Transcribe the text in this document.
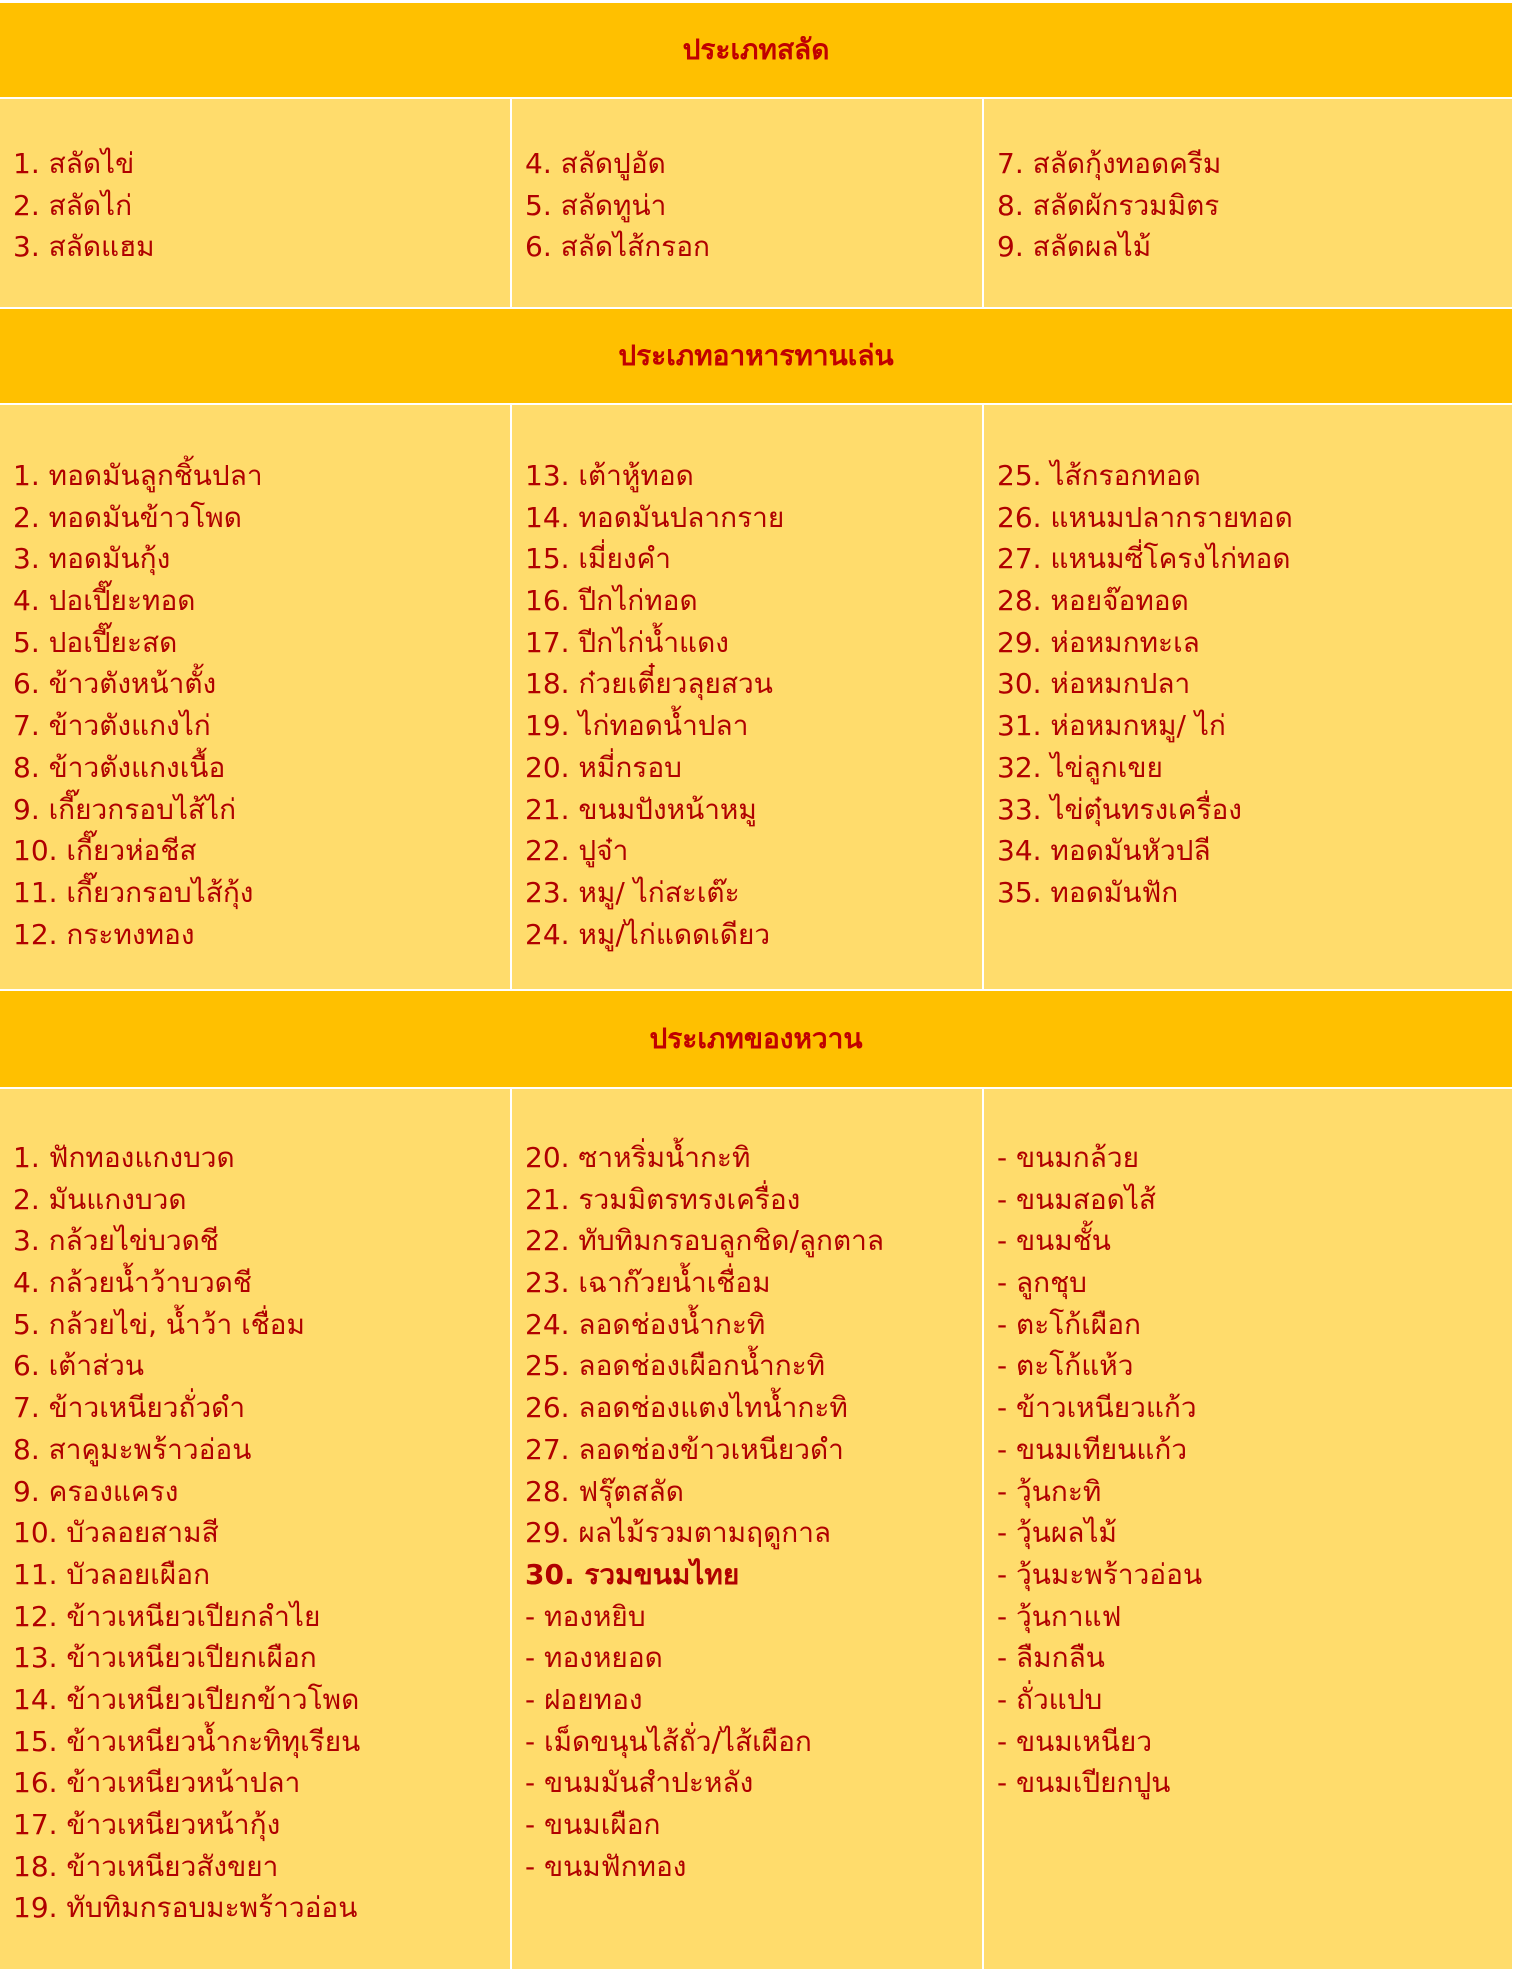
ประเภทสลัด
1. สลัดไข่
2. สลัดไก่
3. สลัดแฮม
4. สลัดปูอัด
5. สลัดทูน่า
6. สลัดไส้กรอก
7. สลัดกุ้งทอดครีม
8. สลัดผักรวมมิตร
9. สลัดผลไม้
ประเภทอาหารทานเล่น
1. ทอดมันลูกชิ้นปลา
2. ทอดมันข้าวโพด
3. ทอดมันกุ้ง
4. ปอเปี๊ยะทอด
5. ปอเปี๊ยะสด
6. ข้าวตังหน้าตั้ง
7. ข้าวตังแกงไก่
8. ข้าวตังแกงเนื้อ
9. เกี๊ยวกรอบไส้ไก่
10. เกี๊ยวห่อชีส
11. เกี๊ยวกรอบไส้กุ้ง
12. กระทงทอง
13. เต้าหู้ทอด
14. ทอดมันปลากราย
15. เมี่ยงคำ
16. ปีกไก่ทอด
17. ปีกไก่น้ำแดง
18. ก๋วยเตี๋ยวลุยสวน
19. ไก่ทอดน้ำปลา
20. หมี่กรอบ
21. ขนมปังหน้าหมู
22. ปูจ๋า
23. หมู/ ไก่สะเต๊ะ
24. หมู/ไก่แดดเดียว
25. ไส้กรอกทอด
26. แหนมปลากรายทอด
27. แหนมซี่โครงไก่ทอด
28. หอยจ๊อทอด
29. ห่อหมกทะเล
30. ห่อหมกปลา
31. ห่อหมกหมู/ ไก่
32. ไข่ลูกเขย
33. ไข่ตุ๋นทรงเครื่อง
34. ทอดมันหัวปลี
35. ทอดมันฟัก
ประเภทของหวาน
1. ฟักทองแกงบวด
2. มันแกงบวด
3. กล้วยไข่บวดชี
4. กล้วยน้ำว้าบวดชี
5. กล้วยไข่, น้ำว้า เชื่อม
6. เต้าส่วน
7. ข้าวเหนียวถั่วดำ
8. สาคูมะพร้าวอ่อน
9. ครองแครง
10. บัวลอยสามสี
11. บัวลอยเผือก
12. ข้าวเหนียวเปียกลำไย
13. ข้าวเหนียวเปียกเผือก
14. ข้าวเหนียวเปียกข้าวโพด
15. ข้าวเหนียวน้ำกะทิทุเรียน
16. ข้าวเหนียวหน้าปลา
17. ข้าวเหนียวหน้ากุ้ง
18. ข้าวเหนียวสังขยา
19. ทับทิมกรอบมะพร้าวอ่อน
20. ซาหริ่มน้ำกะทิ
21. รวมมิตรทรงเครื่อง
22. ทับทิมกรอบลูกชิด/ลูกตาล
23. เฉาก๊วยน้ำเชื่อม
24. ลอดช่องน้ำกะทิ
25. ลอดช่องเผือกน้ำกะทิ
26. ลอดช่องแตงไทน้ำกะทิ
27. ลอดช่องข้าวเหนียวดำ
28. ฟรุ๊ตสลัด
29. ผลไม้รวมตามฤดูกาล
30. รวมขนมไทย
- ทองหยิบ
- ทองหยอด
- ฝอยทอง
- เม็ดขนุนไส้ถั่ว/ไส้เผือก
- ขนมมันสำปะหลัง
- ขนมเผือก
- ขนมฟักทอง
- ขนมกล้วย
- ขนมสอดไส้
- ขนมชั้น
- ลูกชุบ
- ตะโก้เผือก
- ตะโก้แห้ว
- ข้าวเหนียวแก้ว
- ขนมเทียนแก้ว
- วุ้นกะทิ
- วุ้นผลไม้
- วุ้นมะพร้าวอ่อน
- วุ้นกาแฟ
- ลืมกลืน
- ถั่วแปบ
- ขนมเหนียว
- ขนมเปียกปูน
